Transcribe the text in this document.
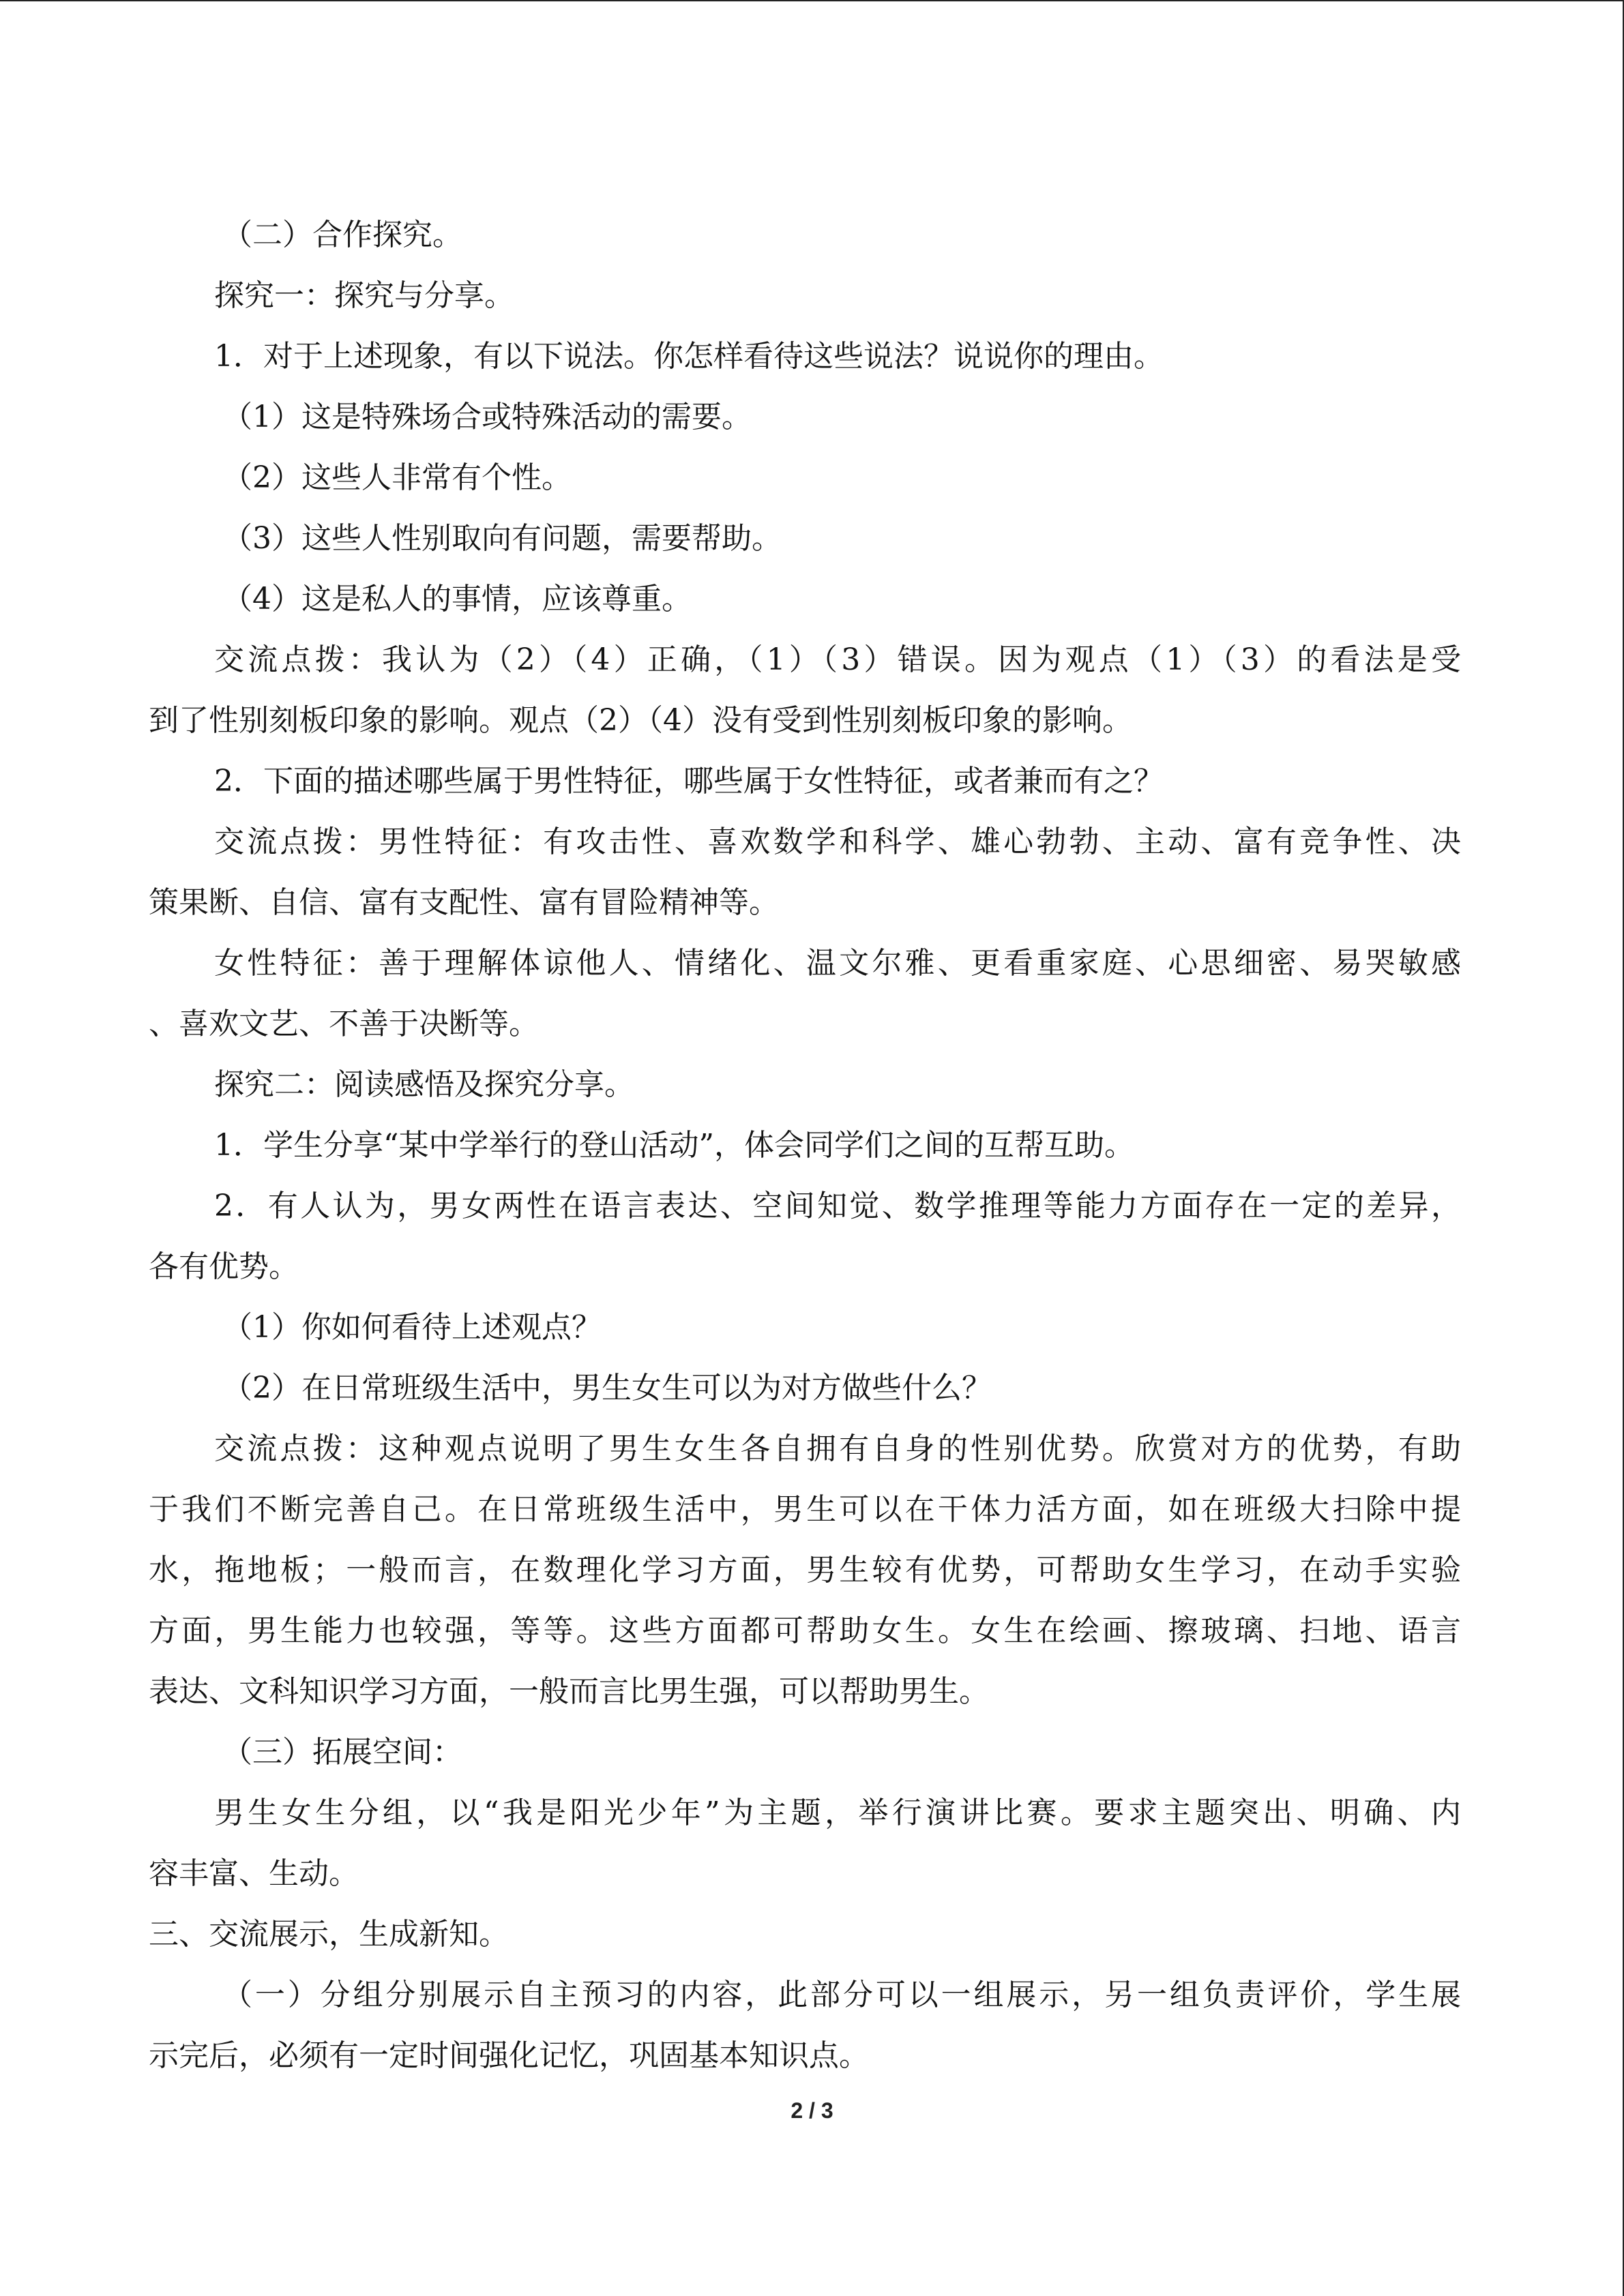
（二）合作探究。

探究一：探究与分享。

1．对于上述现象，有以下说法。你怎样看待这些说法？说说你的理由。

（1）这是特殊场合或特殊活动的需要。

（2）这些人非常有个性。

（3）这些人性别取向有问题，需要帮助。

（4）这是私人的事情，应该尊重。

交流点拨：我认为（2）（4）正确，（1）（3）错误。因为观点（1）（3）的看法是受

到了性别刻板印象的影响。观点（2）（4）没有受到性别刻板印象的影响。

2．下面的描述哪些属于男性特征，哪些属于女性特征，或者兼而有之？

交流点拨：男性特征：有攻击性、喜欢数学和科学、雄心勃勃、主动、富有竞争性、决

策果断、自信、富有支配性、富有冒险精神等。

女性特征：善于理解体谅他人、情绪化、温文尔雅、更看重家庭、心思细密、易哭敏感

、喜欢文艺、不善于决断等。

探究二：阅读感悟及探究分享。

1．学生分享“某中学举行的登山活动”，体会同学们之间的互帮互助。

2．有人认为，男女两性在语言表达、空间知觉、数学推理等能力方面存在一定的差异，

各有优势。

（1）你如何看待上述观点？

（2）在日常班级生活中，男生女生可以为对方做些什么？

交流点拨：这种观点说明了男生女生各自拥有自身的性别优势。欣赏对方的优势，有助

于我们不断完善自己。在日常班级生活中，男生可以在干体力活方面，如在班级大扫除中提

水，拖地板；一般而言，在数理化学习方面，男生较有优势，可帮助女生学习，在动手实验

方面，男生能力也较强，等等。这些方面都可帮助女生。女生在绘画、擦玻璃、扫地、语言

表达、文科知识学习方面，一般而言比男生强，可以帮助男生。

（三）拓展空间：

男生女生分组，以“我是阳光少年”为主题，举行演讲比赛。要求主题突出、明确、内

容丰富、生动。

三、交流展示，生成新知。

（一）分组分别展示自主预习的内容，此部分可以一组展示，另一组负责评价，学生展

示完后，必须有一定时间强化记忆，巩固基本知识点。

2 / 3
